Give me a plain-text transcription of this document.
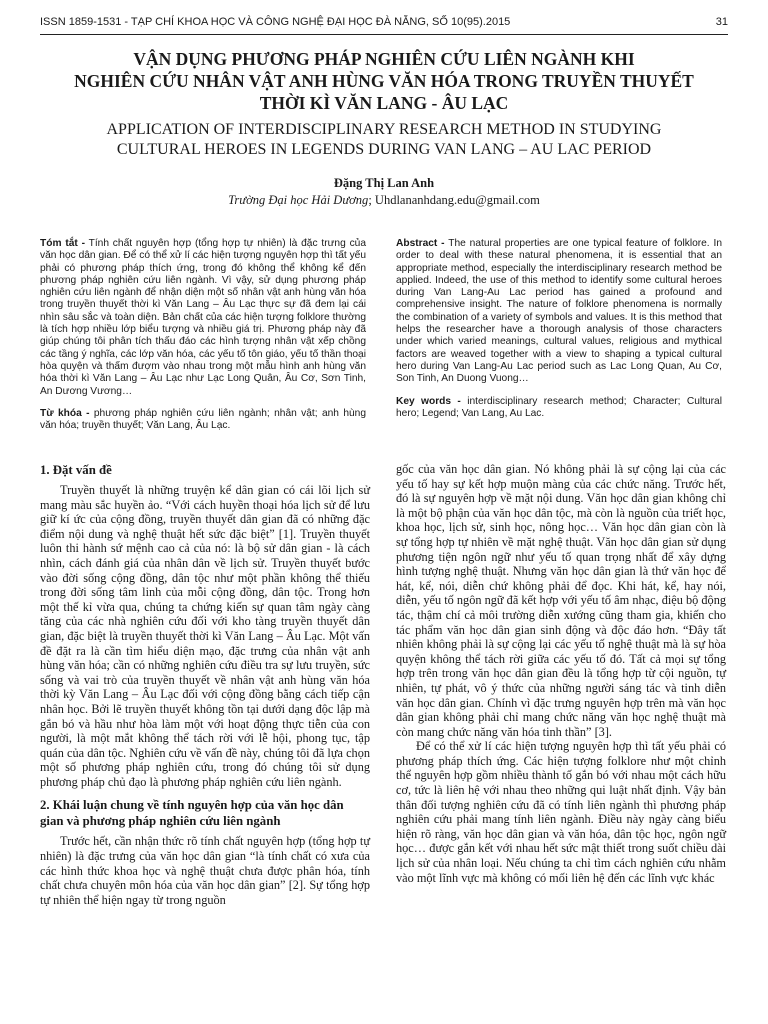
ISSN 1859-1531 - TẠP CHÍ KHOA HỌC VÀ CÔNG NGHỆ ĐẠI HỌC ĐÀ NẴNG, SỐ 10(95).2015	31
VẬN DỤNG PHƯƠNG PHÁP NGHIÊN CỨU LIÊN NGÀNH KHI
NGHIÊN CỨU NHÂN VẬT ANH HÙNG VĂN HÓA TRONG TRUYỀN THUYẾT
THỜI KÌ VĂN LANG - ÂU LẠC
APPLICATION OF INTERDISCIPLINARY RESEARCH METHOD IN STUDYING
CULTURAL HEROES IN LEGENDS DURING VAN LANG – AU LAC PERIOD
Đặng Thị Lan Anh
Trường Đại học Hải Dương; Uhdlananhdang.edu@gmail.com
Tóm tắt - Tính chất nguyên hợp (tổng hợp tự nhiên) là đặc trưng của văn học dân gian. Để có thể xử lí các hiện tượng nguyên hợp thì tất yếu phải có phương pháp thích ứng, trong đó không thể không kể đến phương pháp nghiên cứu liên ngành. Vì vậy, sử dụng phương pháp nghiên cứu liên ngành để nhận diện một số nhân vật anh hùng văn hóa trong truyền thuyết thời kì Văn Lang – Âu Lạc thực sự đã đem lại cái nhìn sâu sắc và toàn diện. Bản chất của các hiện tượng folklore thường là tích hợp nhiều lớp biểu tượng và nhiều giá trị. Phương pháp này đã giúp chúng tôi phân tích thấu đáo các hình tượng nhân vật xếp chồng các tầng ý nghĩa, các lớp văn hóa, các yếu tố tôn giáo, yếu tố thần thoại hòa quyện và thấm đượm vào nhau trong một mẫu hình anh hùng văn hóa thời kì Văn Lang – Âu Lạc như Lạc Long Quân, Âu Cơ, Sơn Tinh, An Dương Vương…
Từ khóa - phương pháp nghiên cứu liên ngành; nhân vật; anh hùng văn hóa; truyền thuyết; Văn Lang, Âu Lạc.
Abstract - The natural properties are one typical feature of folklore. In order to deal with these natural phenomena, it is essential that an appropriate method, especially the interdisciplinary research method be applied. Indeed, the use of this method to identify some cultural heroes during Van Lang-Au Lac period has gained a profound and comprehensive insight. The nature of folklore phenomena is normally the combination of a variety of symbols and values. It is this method that helps the researcher have a thorough analysis of those characters under which varied meanings, cultural values, religious and mythical factors are weaved together with a view to shaping a typical cultural hero during Van Lang-Au Lac period such as Lac Long Quan, Au Cơ, Son Tinh, An Duong Vuong…
Key words - interdisciplinary research method; Character; Cultural hero; Legend; Van Lang, Au Lac.
1. Đặt vấn đề

Truyền thuyết là những truyện kể dân gian có cái lõi lịch sử mang màu sắc huyền ảo. “Với cách huyền thoại hóa lịch sử để lưu giữ kí ức của cộng đồng, truyền thuyết dân gian đã có những đặc điểm nội dung và nghệ thuật hết sức đặc biệt” [1]. Truyền thuyết luôn thi hành sứ mệnh cao cả của nó: là bộ sử dân gian - là cách nhìn, cách đánh giá của nhân dân về lịch sử. Truyền thuyết bước vào đời sống cộng đồng, dân tộc như một phần không thể thiếu trong đời sống tâm linh của mỗi cộng đồng, dân tộc. Trong hơn một thế kỉ vừa qua, chúng ta chứng kiến sự quan tâm ngày càng tăng của các nhà nghiên cứu đối với kho tàng truyền thuyết dân gian, đặc biệt là truyền thuyết thời kì Văn Lang – Âu Lạc. Một vấn đề đặt ra là cần tìm hiểu diện mạo, đặc trưng của nhân vật anh hùng văn hóa; cần có những nghiên cứu điều tra sự lưu truyền, sức sống và vai trò của truyền thuyết về nhân vật anh hùng văn hóa thời kỳ Văn Lang – Âu Lạc đối với cộng đồng bằng cách tiếp cận nhân học. Bởi lẽ truyền thuyết không tồn tại dưới dạng độc lập mà gắn bó và hầu như hòa làm một với hoạt động thực tiễn của con người, là một mắt không thể tách rời với lễ hội, phong tục, tập quán của dân tộc. Nghiên cứu về vấn đề này, chúng tôi đã lựa chọn một số phương pháp nghiên cứu, trong đó chúng tôi sử dụng phương pháp chủ đạo là phương pháp nghiên cứu liên ngành.

2. Khái luận chung về tính nguyên hợp của văn học dân gian và phương pháp nghiên cứu liên ngành

Trước hết, cần nhận thức rõ tính chất nguyên hợp (tổng hợp tự nhiên) là đặc trưng của văn học dân gian “là tính chất có xưa của các hình thức khoa học và nghệ thuật chưa được phân hóa, tính chất chưa chuyên môn hóa của văn học dân gian” [2]. Sự tổng hợp tự nhiên thể hiện ngay từ trong nguồn

gốc của văn học dân gian. Nó không phải là sự cộng lại của các yếu tố hay sự kết hợp muộn màng của các chức năng. Trước hết, đó là sự nguyên hợp về mặt nội dung. Văn học dân gian không chỉ là một bộ phận của văn học dân tộc, mà còn là nguồn của triết học, khoa học, lịch sử, sinh học, nông học… Văn học dân gian còn là sự tổng hợp tự nhiên về mặt nghệ thuật. Văn học dân gian sử dụng phương tiện ngôn ngữ như yếu tố quan trọng nhất để xây dựng hình tượng nghệ thuật. Nhưng văn học dân gian là thứ văn học để hát, kể, nói, diễn chứ không phải để đọc. Khi hát, kể, hay nói, diễn, yếu tố ngôn ngữ đã kết hợp với yếu tố âm nhạc, điệu bộ động tác, thậm chí cả môi trường diễn xướng cũng tham gia, khiến cho tác phẩm văn học dân gian sinh động và độc đáo hơn. “Đây tất nhiên không phải là sự cộng lại các yếu tố nghệ thuật mà là sự hòa quyện không thể tách rời giữa các yếu tố đó. Tất cả mọi sự tổng hợp trên trong văn học dân gian đều là tổng hợp từ cội nguồn, tự nhiên, tự phát, vô ý thức của những người sáng tác và tinh diễn văn học dân gian. Chính vì đặc trưng nguyên hợp trên mà văn học dân gian không phải chỉ mang chức năng văn học nghệ thuật mà còn mang chức năng văn hóa tinh thần” [3].

Để có thể xử lí các hiện tượng nguyên hợp thì tất yếu phải có phương pháp thích ứng. Các hiện tượng folklore như một chỉnh thể nguyên hợp gồm nhiều thành tố gắn bó với nhau một cách hữu cơ, tức là liên hệ với nhau theo những qui luật nhất định. Vậy bản thân đối tượng nghiên cứu đã có tính liên ngành thì phương pháp nghiên cứu phải mang tính liên ngành. Điều này ngày càng biểu hiện rõ ràng, văn học dân gian và văn hóa, dân tộc học, ngôn ngữ học… được gắn kết với nhau hết sức mật thiết trong suốt chiều dài lịch sử của nhân loại. Nếu chúng ta chỉ tìm cách nghiên cứu nhằm vào một lĩnh vực mà không có mối liên hệ đến các lĩnh vực khác
